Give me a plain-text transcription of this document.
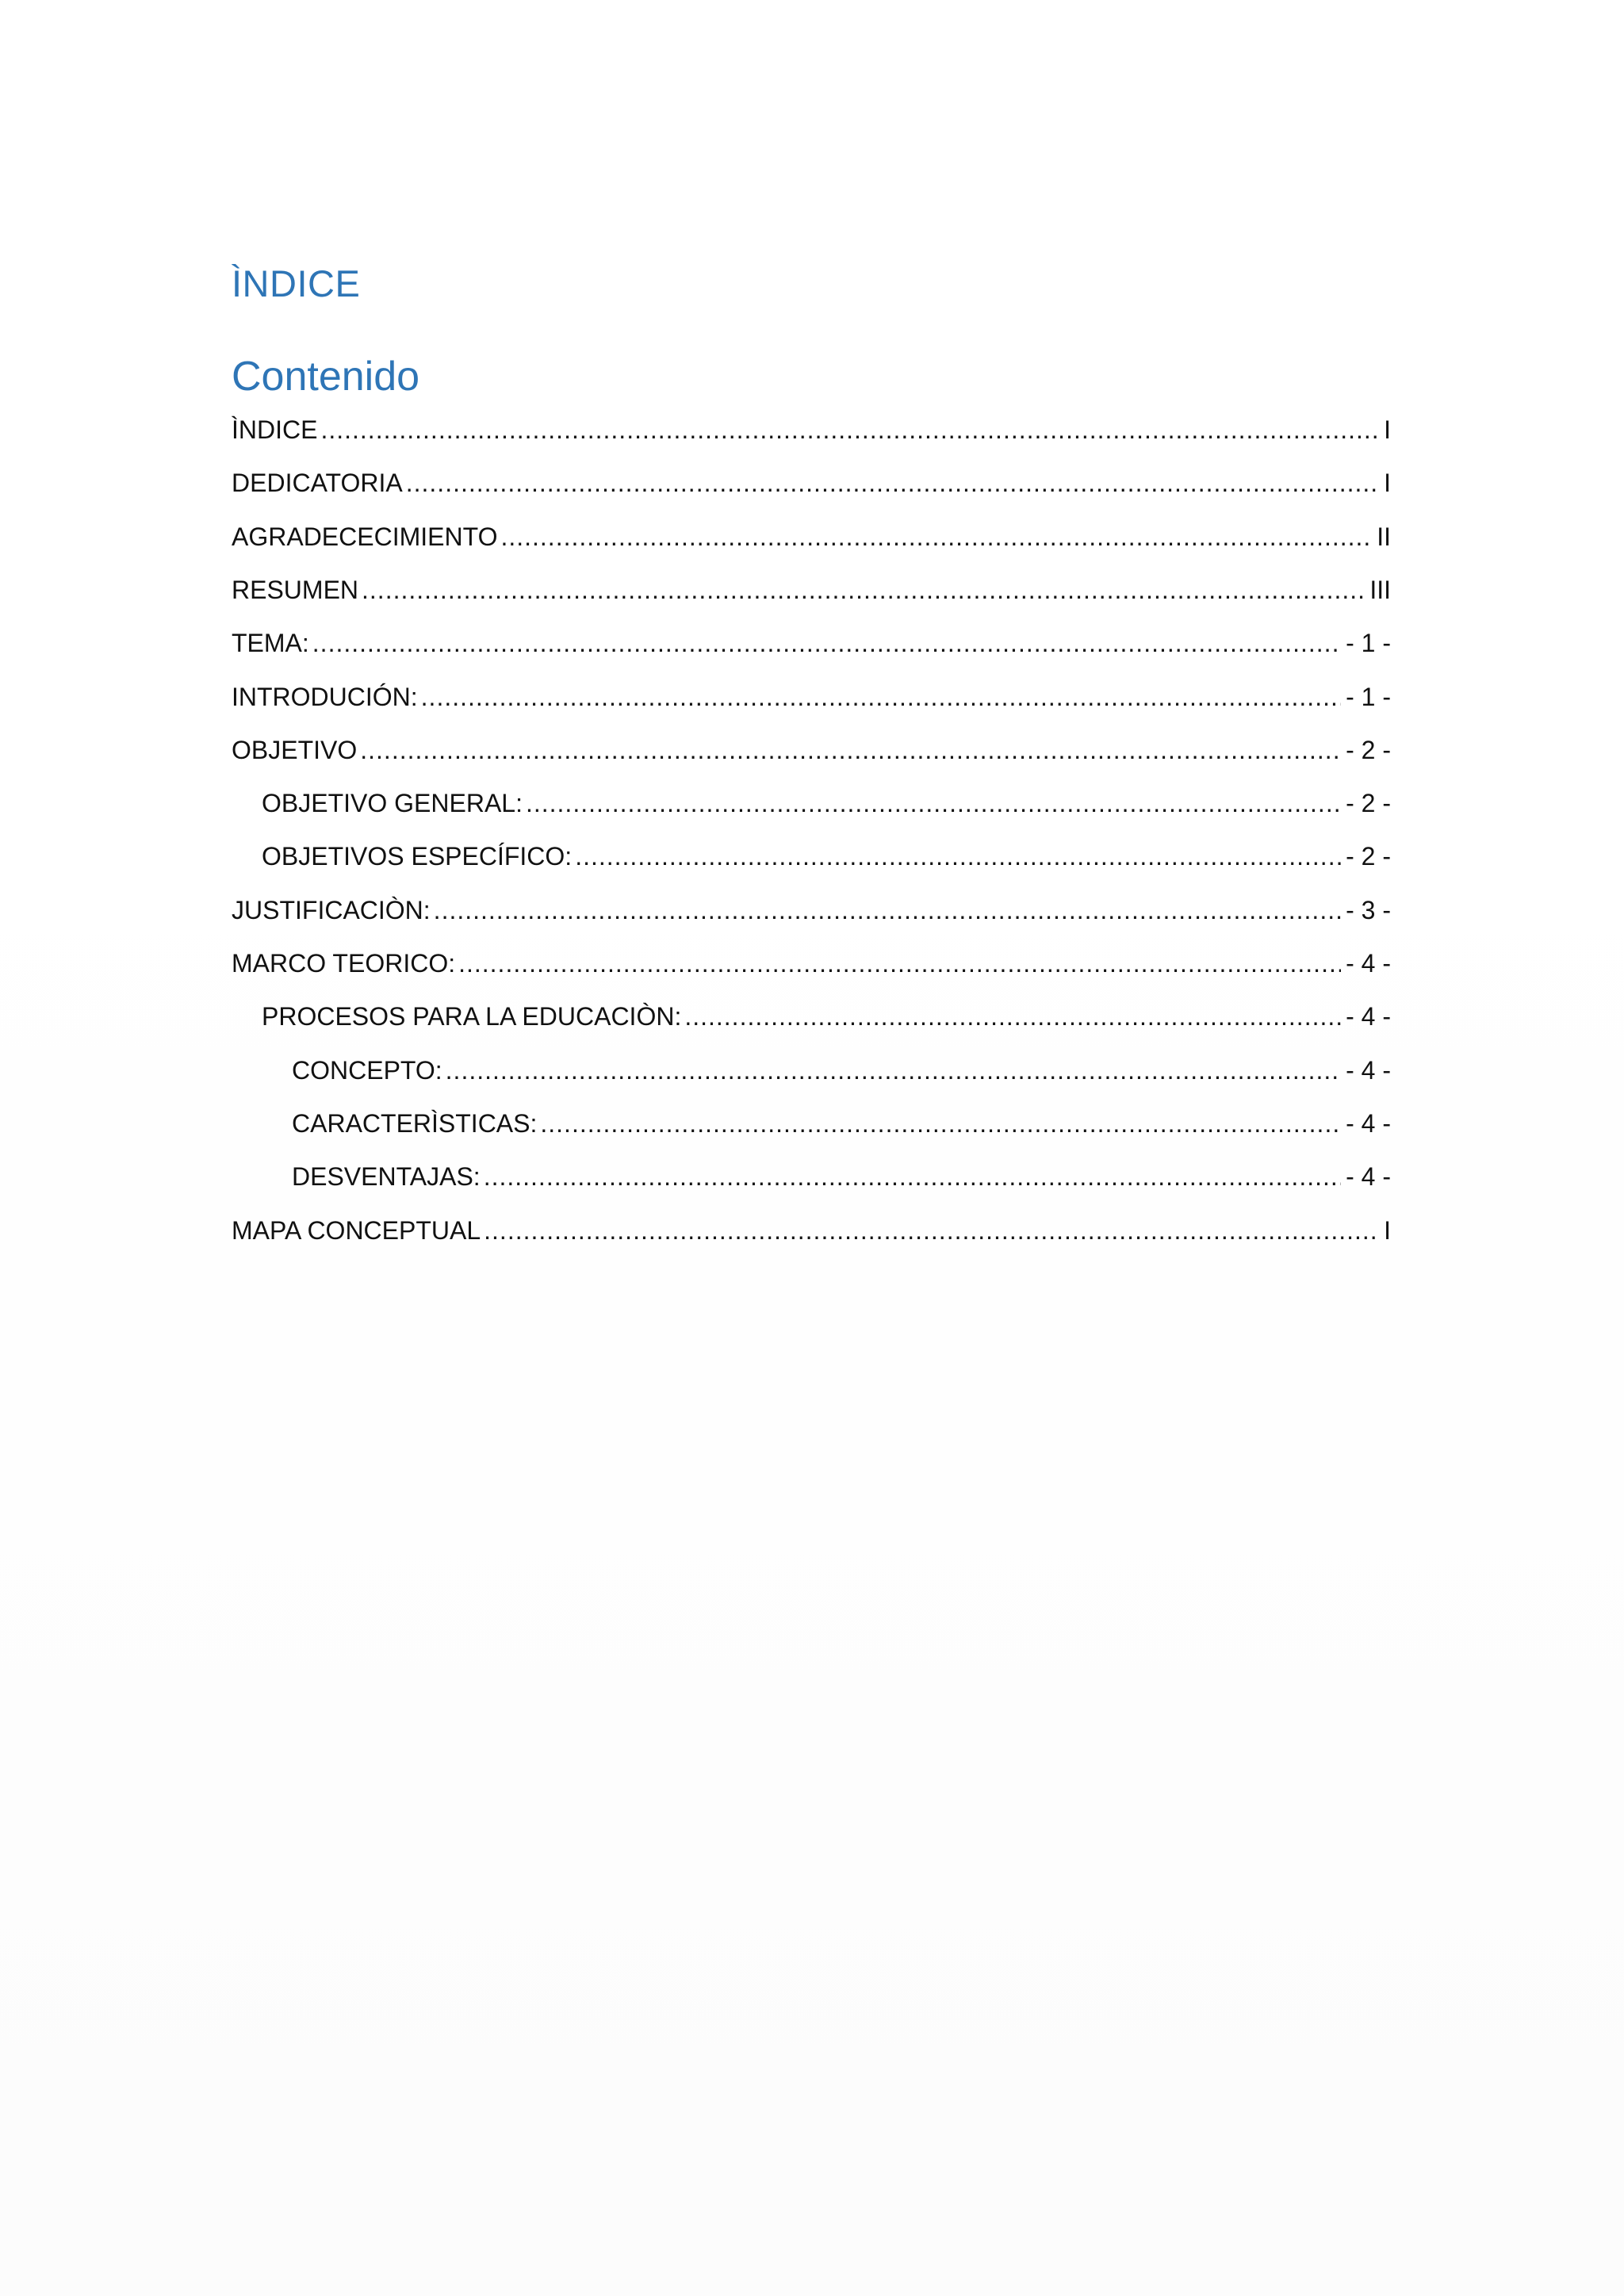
ÌNDICE
Contenido
ÌNDICE .....	I
DEDICATORIA .....	I
AGRADECECIMIENTO .....	II
RESUMEN .....	III
TEMA: .....	- 1 -
INTRODUCIÓN: .....	- 1 -
OBJETIVO .....	- 2 -
OBJETIVO GENERAL: .....	- 2 -
OBJETIVOS ESPECÍFICO: .....	- 2 -
JUSTIFICACIÒN: .....	- 3 -
MARCO TEORICO: .....	- 4 -
PROCESOS PARA LA EDUCACIÒN: .....	- 4 -
CONCEPTO: .....	- 4 -
CARACTERÌSTICAS: .....	- 4 -
DESVENTAJAS: .....	- 4 -
MAPA CONCEPTUAL .....	I
